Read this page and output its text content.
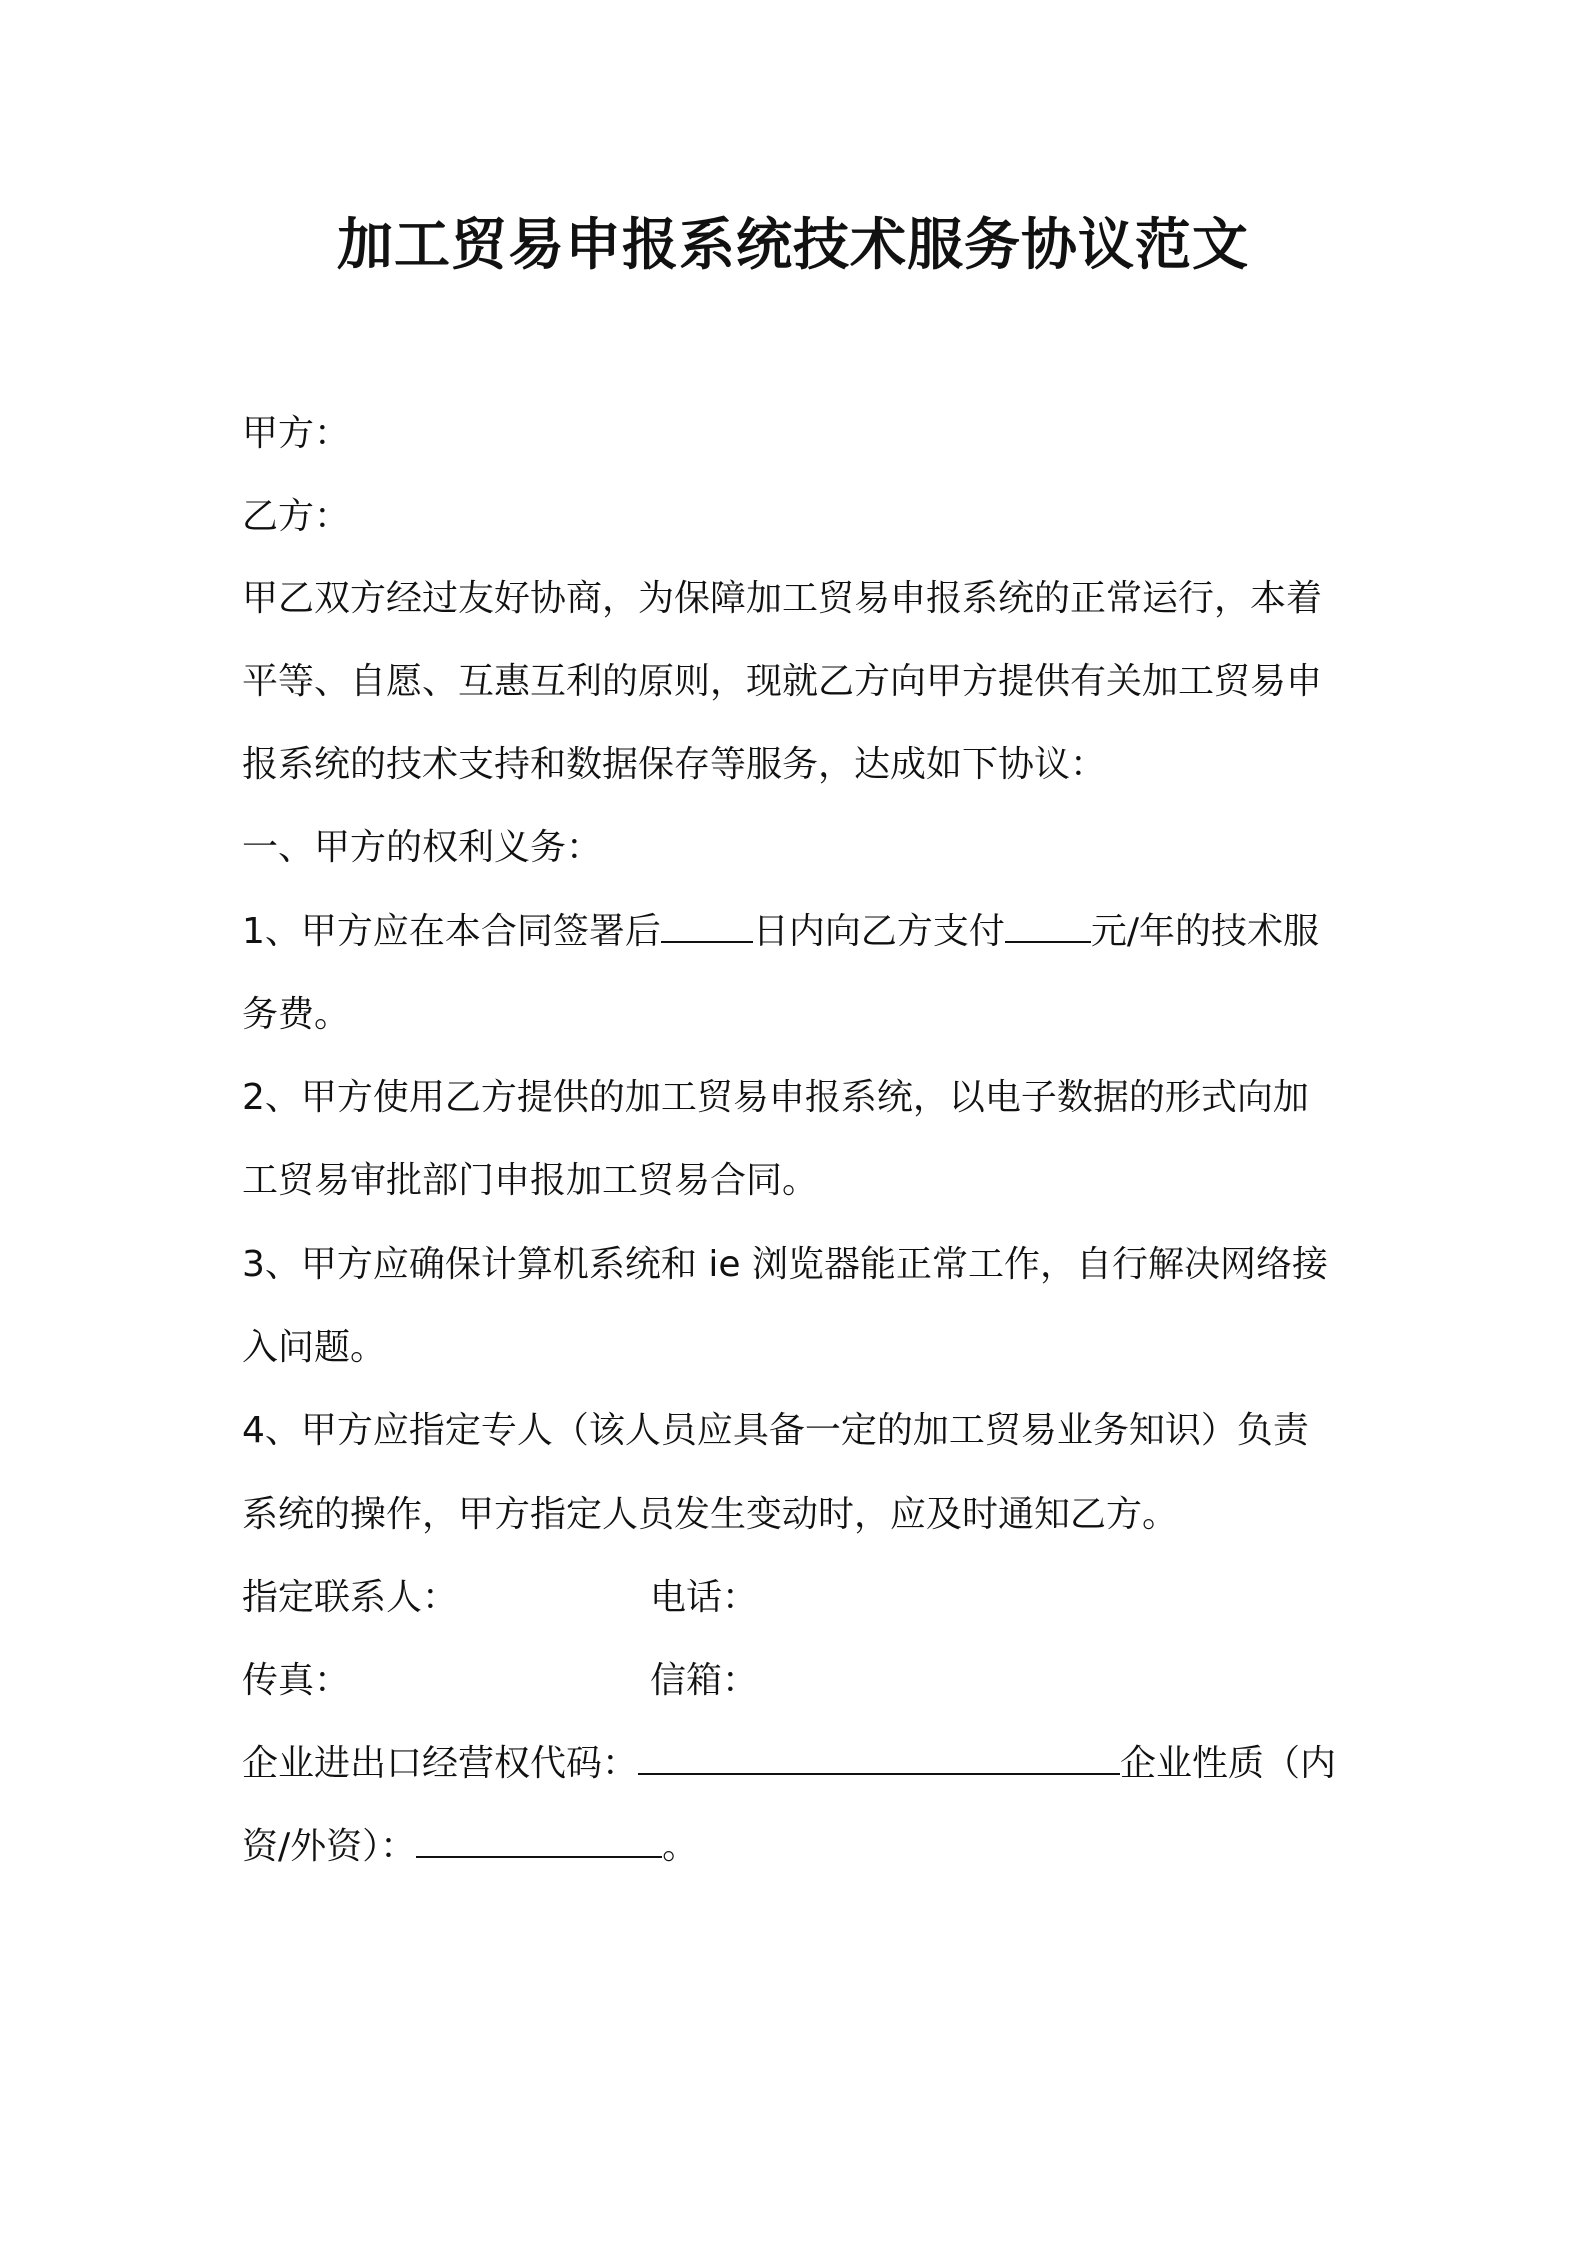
加工贸易申报系统技术服务协议范文
甲方：
乙方：
甲乙双方经过友好协商，为保障加工贸易申报系统的正常运行，本着
平等、自愿、互惠互利的原则，现就乙方向甲方提供有关加工贸易申
报系统的技术支持和数据保存等服务，达成如下协议：
一、甲方的权利义务：
1、甲方应在本合同签署后	日内向乙方支付 元/年的技术服
务费。
2、甲方使用乙方提供的加工贸易申报系统，以电子数据的形式向加
工贸易审批部门申报加工贸易合同。
3、甲方应确保计算机系统和 ie 浏览器能正常工作，自行解决网络接
入问题。
4、甲方应指定专人（该人员应具备一定的加工贸易业务知识）负责
系统的操作，甲方指定人员发生变动时，应及时通知乙方。
指定联系人：	电话：
传真：	信箱：
企业进出口经营权代码：	企业性质（内
资/外资）：	。
